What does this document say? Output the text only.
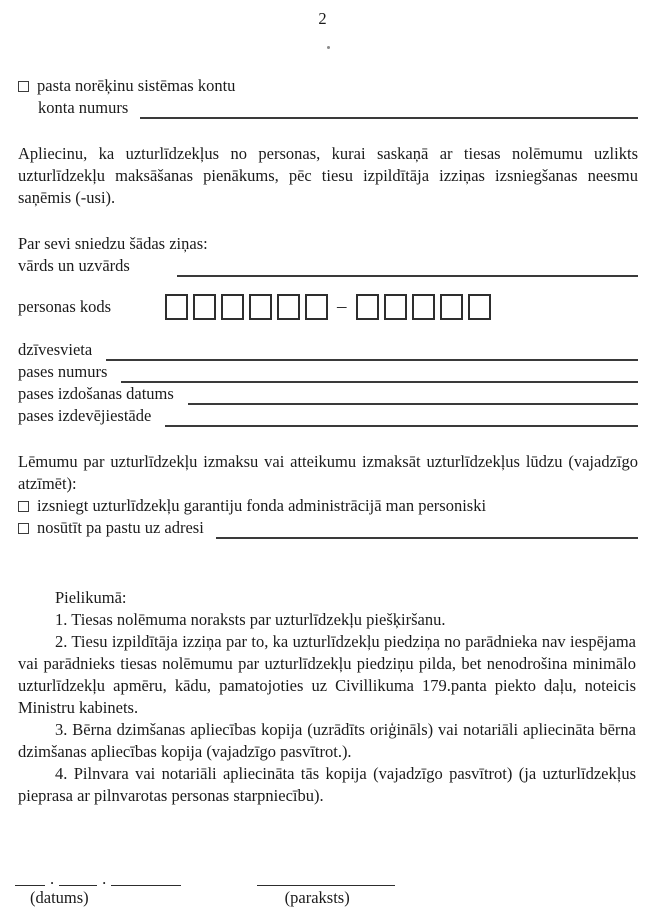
2
pasta norēķinu sistēmas kontu
konta numurs

Apliecinu, ka uzturlīdzekļus no personas, kurai saskaņā ar tiesas nolēmumu uzlikts uzturlīdzekļu maksāšanas pienākums, pēc tiesu izpildītāja izziņas izsniegšanas neesmu saņēmis (-usi).

Par sevi sniedzu šādas ziņas:
vārds un uzvārds
personas kods	–
dzīvesvieta
pases numurs
pases izdošanas datums
pases izdevējiestāde

Lēmumu par uzturlīdzekļu izmaksu vai atteikumu izmaksāt uzturlīdzekļus lūdzu (vajadzīgo atzīmēt):

izsniegt uzturlīdzekļu garantiju fonda administrācijā man personiski
nosūtīt pa pastu uz adresi

Pielikumā:

1. Tiesas nolēmuma noraksts par uzturlīdzekļu piešķiršanu.

2. Tiesu izpildītāja izziņa par to, ka uzturlīdzekļu piedziņa no parādnieka nav iespējama vai parādnieks tiesas nolēmumu par uzturlīdzekļu piedziņu pilda, bet nenodrošina minimālo uzturlīdzekļu apmēru, kādu, pamatojoties uz Civillikuma 179.panta piekto daļu, noteicis Ministru kabinets.

3. Bērna dzimšanas apliecības kopija (uzrādīts oriģināls) vai notariāli apliecināta bērna dzimšanas apliecības kopija (vajadzīgo pasvītrot.).

4. Pilnvara vai notariāli apliecināta tās kopija (vajadzīgo pasvītrot) (ja uzturlīdzekļus pieprasa ar pilnvarotas personas starpniecību).

.	.
(datums)	(paraksts)
